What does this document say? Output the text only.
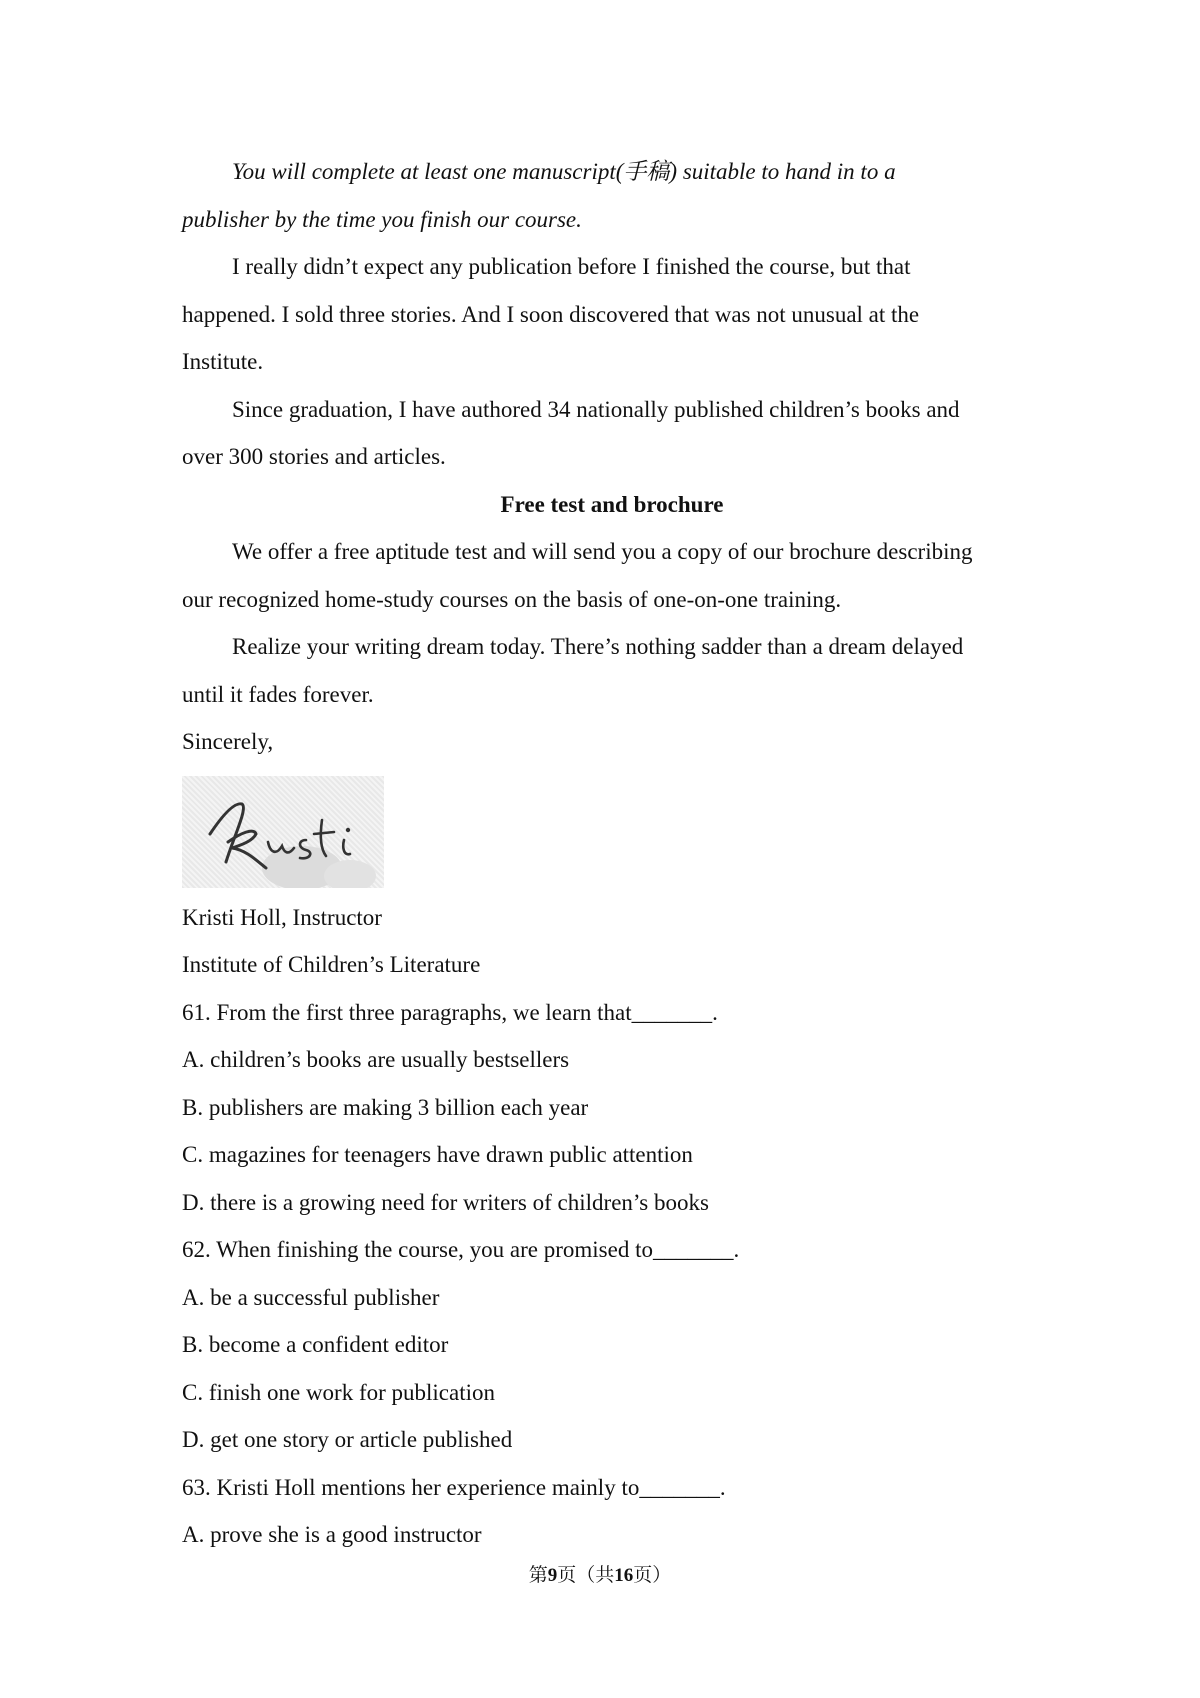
You will complete at least one manuscript(手稿) suitable to hand in to a

publisher by the time you finish our course.

I really didn’t expect any publication before I finished the course, but that

happened. I sold three stories. And I soon discovered that was not unusual at the

Institute.

Since graduation, I have authored 34 nationally published children’s books and

over 300 stories and articles.

Free test and brochure

We offer a free aptitude test and will send you a copy of our brochure describing

our recognized home-study courses on the basis of one-on-one training.

Realize your writing dream today. There’s nothing sadder than a dream delayed

until it fades forever.

Sincerely,

Kristi Holl, Instructor

Institute of Children’s Literature

61. From the first three paragraphs, we learn that_______.

A. children’s books are usually bestsellers

B. publishers are making 3 billion each year

C. magazines for teenagers have drawn public attention

D. there is a growing need for writers of children’s books

62. When finishing the course, you are promised to_______.

A. be a successful publisher

B. become a confident editor

C. finish one work for publication

D. get one story or article published

63. Kristi Holl mentions her experience mainly to_______.

A. prove she is a good instructor

第9页（共16页）
